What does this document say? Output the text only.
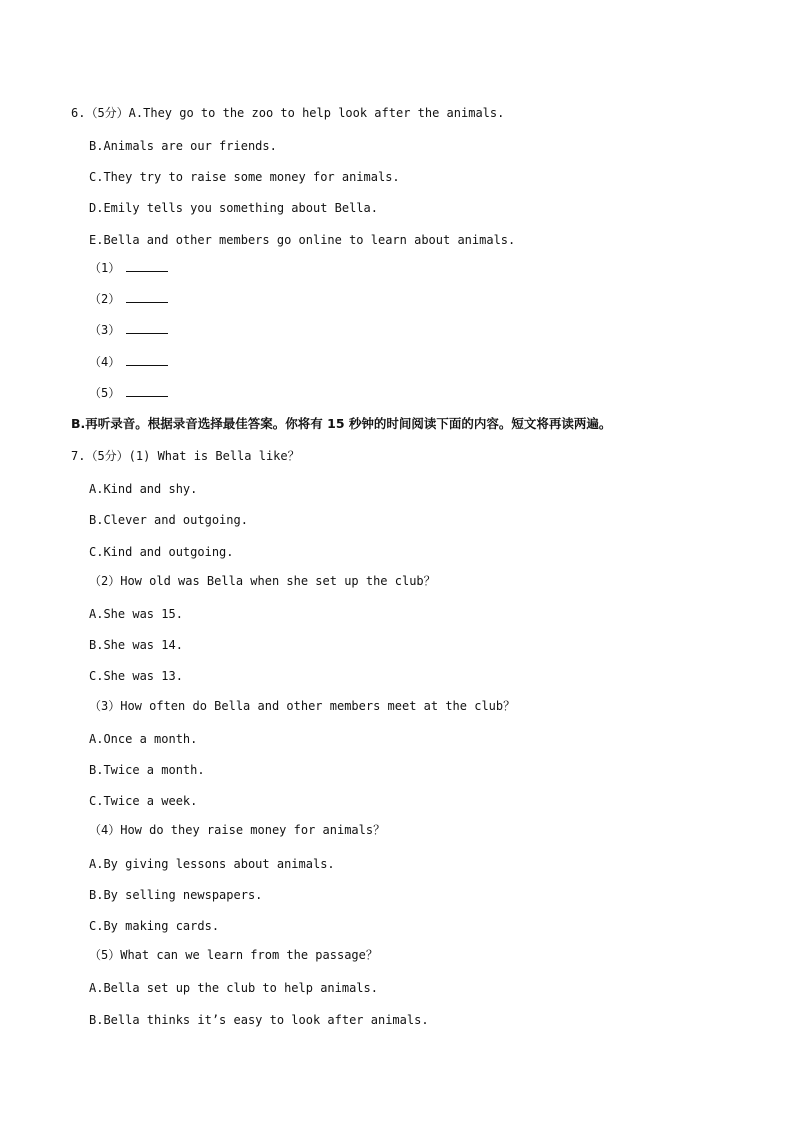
6.（5分）A.They go to the zoo to help look after the animals.
B.Animals are our friends.
C.They try to raise some money for animals.
D.Emily tells you something about Bella.
E.Bella and other members go online to learn about animals.
（1）
（2）
（3）
（4）
（5）
B.再听录音。根据录音选择最佳答案。你将有 15 秒钟的时间阅读下面的内容。短文将再读两遍。
7.（5分）(1) What is Bella like？
A.Kind and shy.
B.Clever and outgoing.
C.Kind and outgoing.
（2）How old was Bella when she set up the club？
A.She was 15.
B.She was 14.
C.She was 13.
（3）How often do Bella and other members meet at the club？
A.Once a month.
B.Twice a month.
C.Twice a week.
（4）How do they raise money for animals？
A.By giving lessons about animals.
B.By selling newspapers.
C.By making cards.
（5）What can we learn from the passage？
A.Bella set up the club to help animals.
B.Bella thinks it’s easy to look after animals.
